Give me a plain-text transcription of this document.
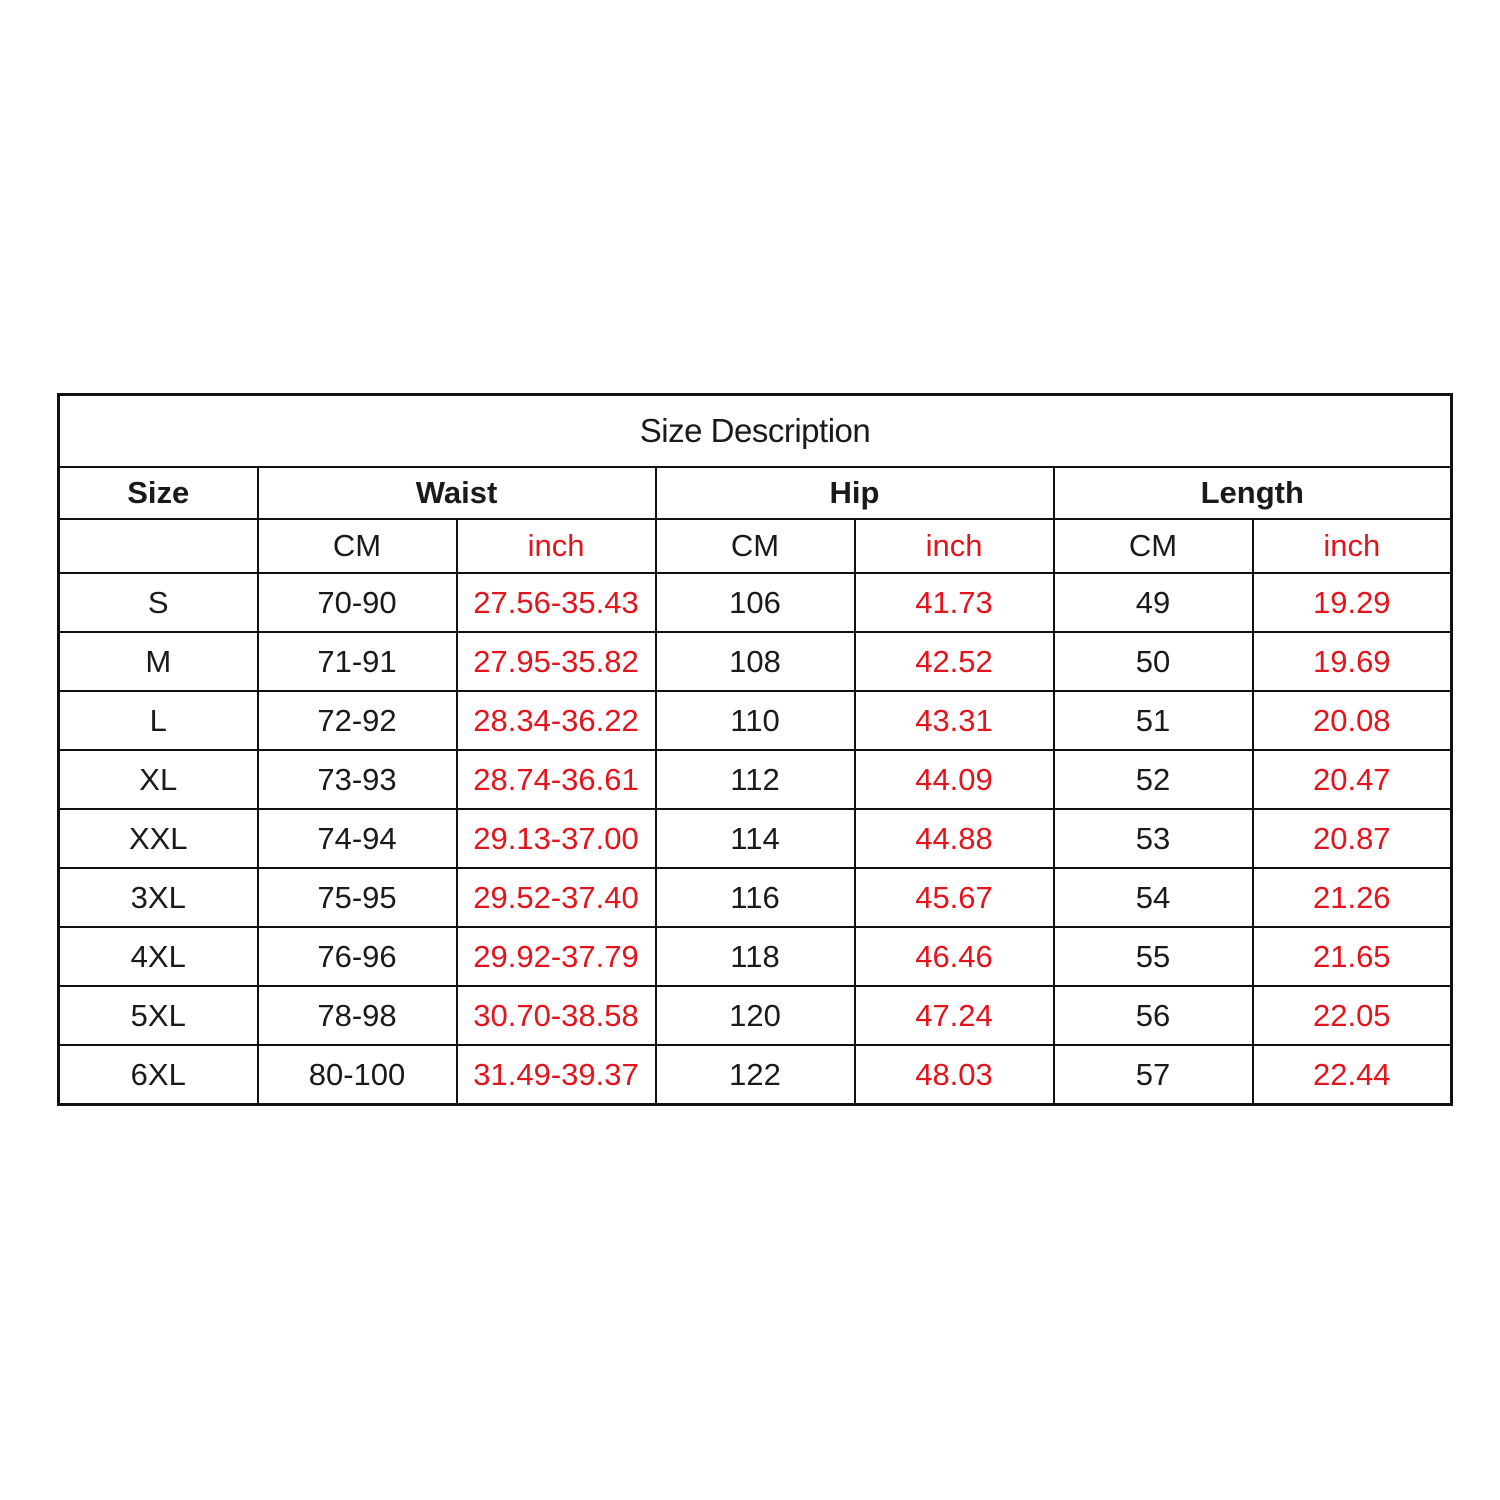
Size Description						
Size	Waist		Hip		Length	
	CM	inch	CM	inch	CM	inch
S	70-90	27.56-35.43	106	41.73	49	19.29
M	71-91	27.95-35.82	108	42.52	50	19.69
L	72-92	28.34-36.22	110	43.31	51	20.08
XL	73-93	28.74-36.61	112	44.09	52	20.47
XXL	74-94	29.13-37.00	114	44.88	53	20.87
3XL	75-95	29.52-37.40	116	45.67	54	21.26
4XL	76-96	29.92-37.79	118	46.46	55	21.65
5XL	78-98	30.70-38.58	120	47.24	56	22.05
6XL	80-100	31.49-39.37	122	48.03	57	22.44
